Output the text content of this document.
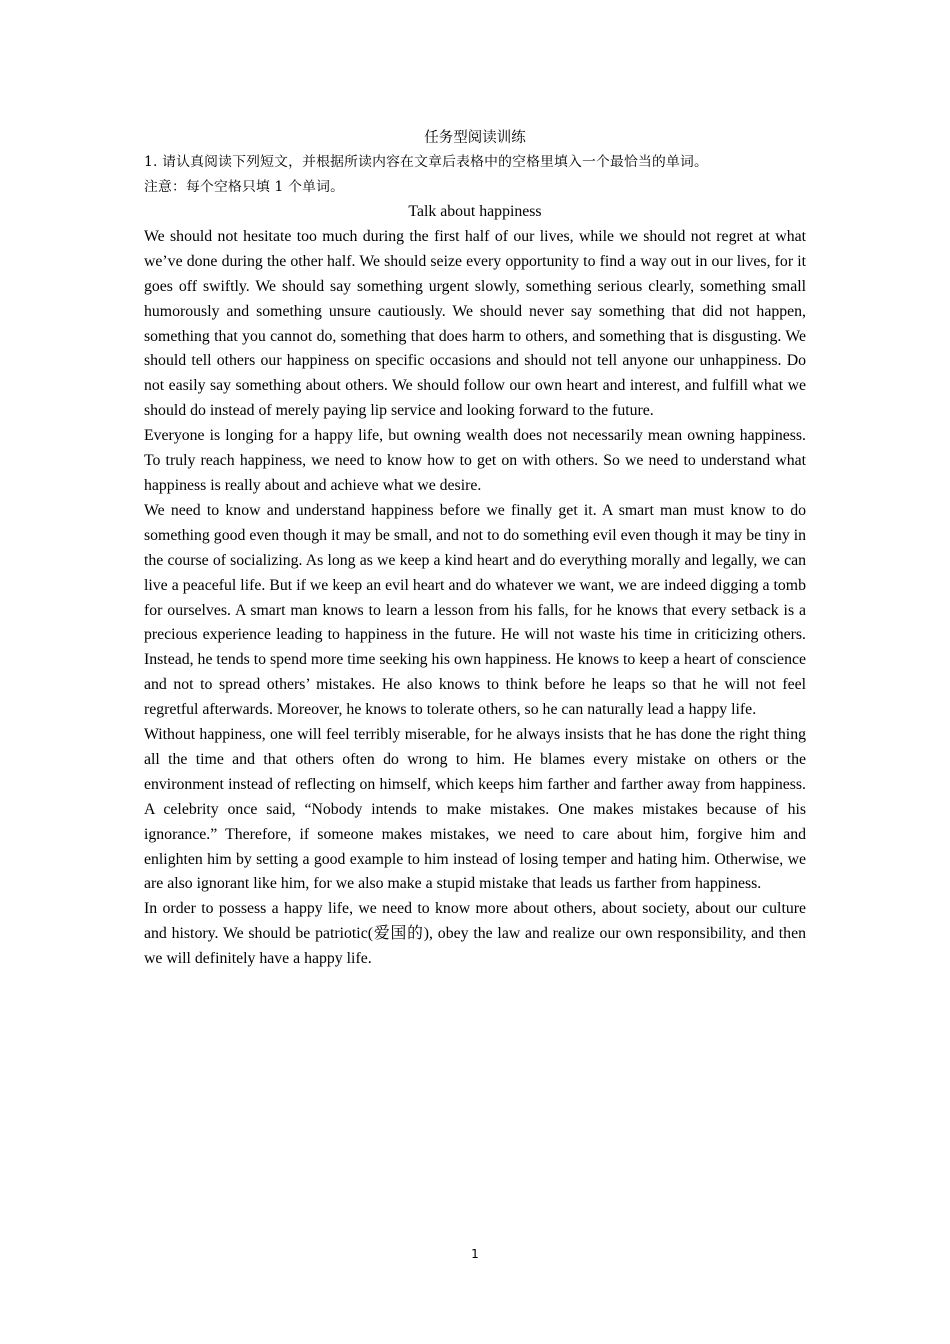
任务型阅读训练

1. 请认真阅读下列短文，并根据所读内容在文章后表格中的空格里填入一个最恰当的单词。

注意：每个空格只填 1 个单词。

Talk about happiness

We should not hesitate too much during the first half of our lives, while we should not regret at what we’ve done during the other half. We should seize every opportunity to find a way out in our lives, for it goes off swiftly. We should say something urgent slowly, something serious clearly, something small humorously and something unsure cautiously. We should never say something that did not happen, something that you cannot do, something that does harm to others, and something that is disgusting. We should tell others our happiness on specific occasions and should not tell anyone our unhappiness. Do not easily say something about others. We should follow our own heart and interest, and fulfill what we should do instead of merely paying lip service and looking forward to the future.

Everyone is longing for a happy life, but owning wealth does not necessarily mean owning happiness. To truly reach happiness, we need to know how to get on with others. So we need to understand what happiness is really about and achieve what we desire.

We need to know and understand happiness before we finally get it. A smart man must know to do something good even though it may be small, and not to do something evil even though it may be tiny in the course of socializing. As long as we keep a kind heart and do everything morally and legally, we can live a peaceful life. But if we keep an evil heart and do whatever we want, we are indeed digging a tomb for ourselves. A smart man knows to learn a lesson from his falls, for he knows that every setback is a precious experience leading to happiness in the future. He will not waste his time in criticizing others. Instead, he tends to spend more time seeking his own happiness. He knows to keep a heart of conscience and not to spread others’ mistakes. He also knows to think before he leaps so that he will not feel regretful afterwards. Moreover, he knows to tolerate others, so he can naturally lead a happy life.

Without happiness, one will feel terribly miserable, for he always insists that he has done the right thing all the time and that others often do wrong to him. He blames every mistake on others or the environment instead of reflecting on himself, which keeps him farther and farther away from happiness. A celebrity once said, “Nobody intends to make mistakes. One makes mistakes because of his ignorance.” Therefore, if someone makes mistakes, we need to care about him, forgive him and enlighten him by setting a good example to him instead of losing temper and hating him. Otherwise, we are also ignorant like him, for we also make a stupid mistake that leads us farther from happiness.

In order to possess a happy life, we need to know more about others, about society, about our culture and history. We should be patriotic(爱国的), obey the law and realize our own responsibility, and then we will definitely have a happy life.

1
